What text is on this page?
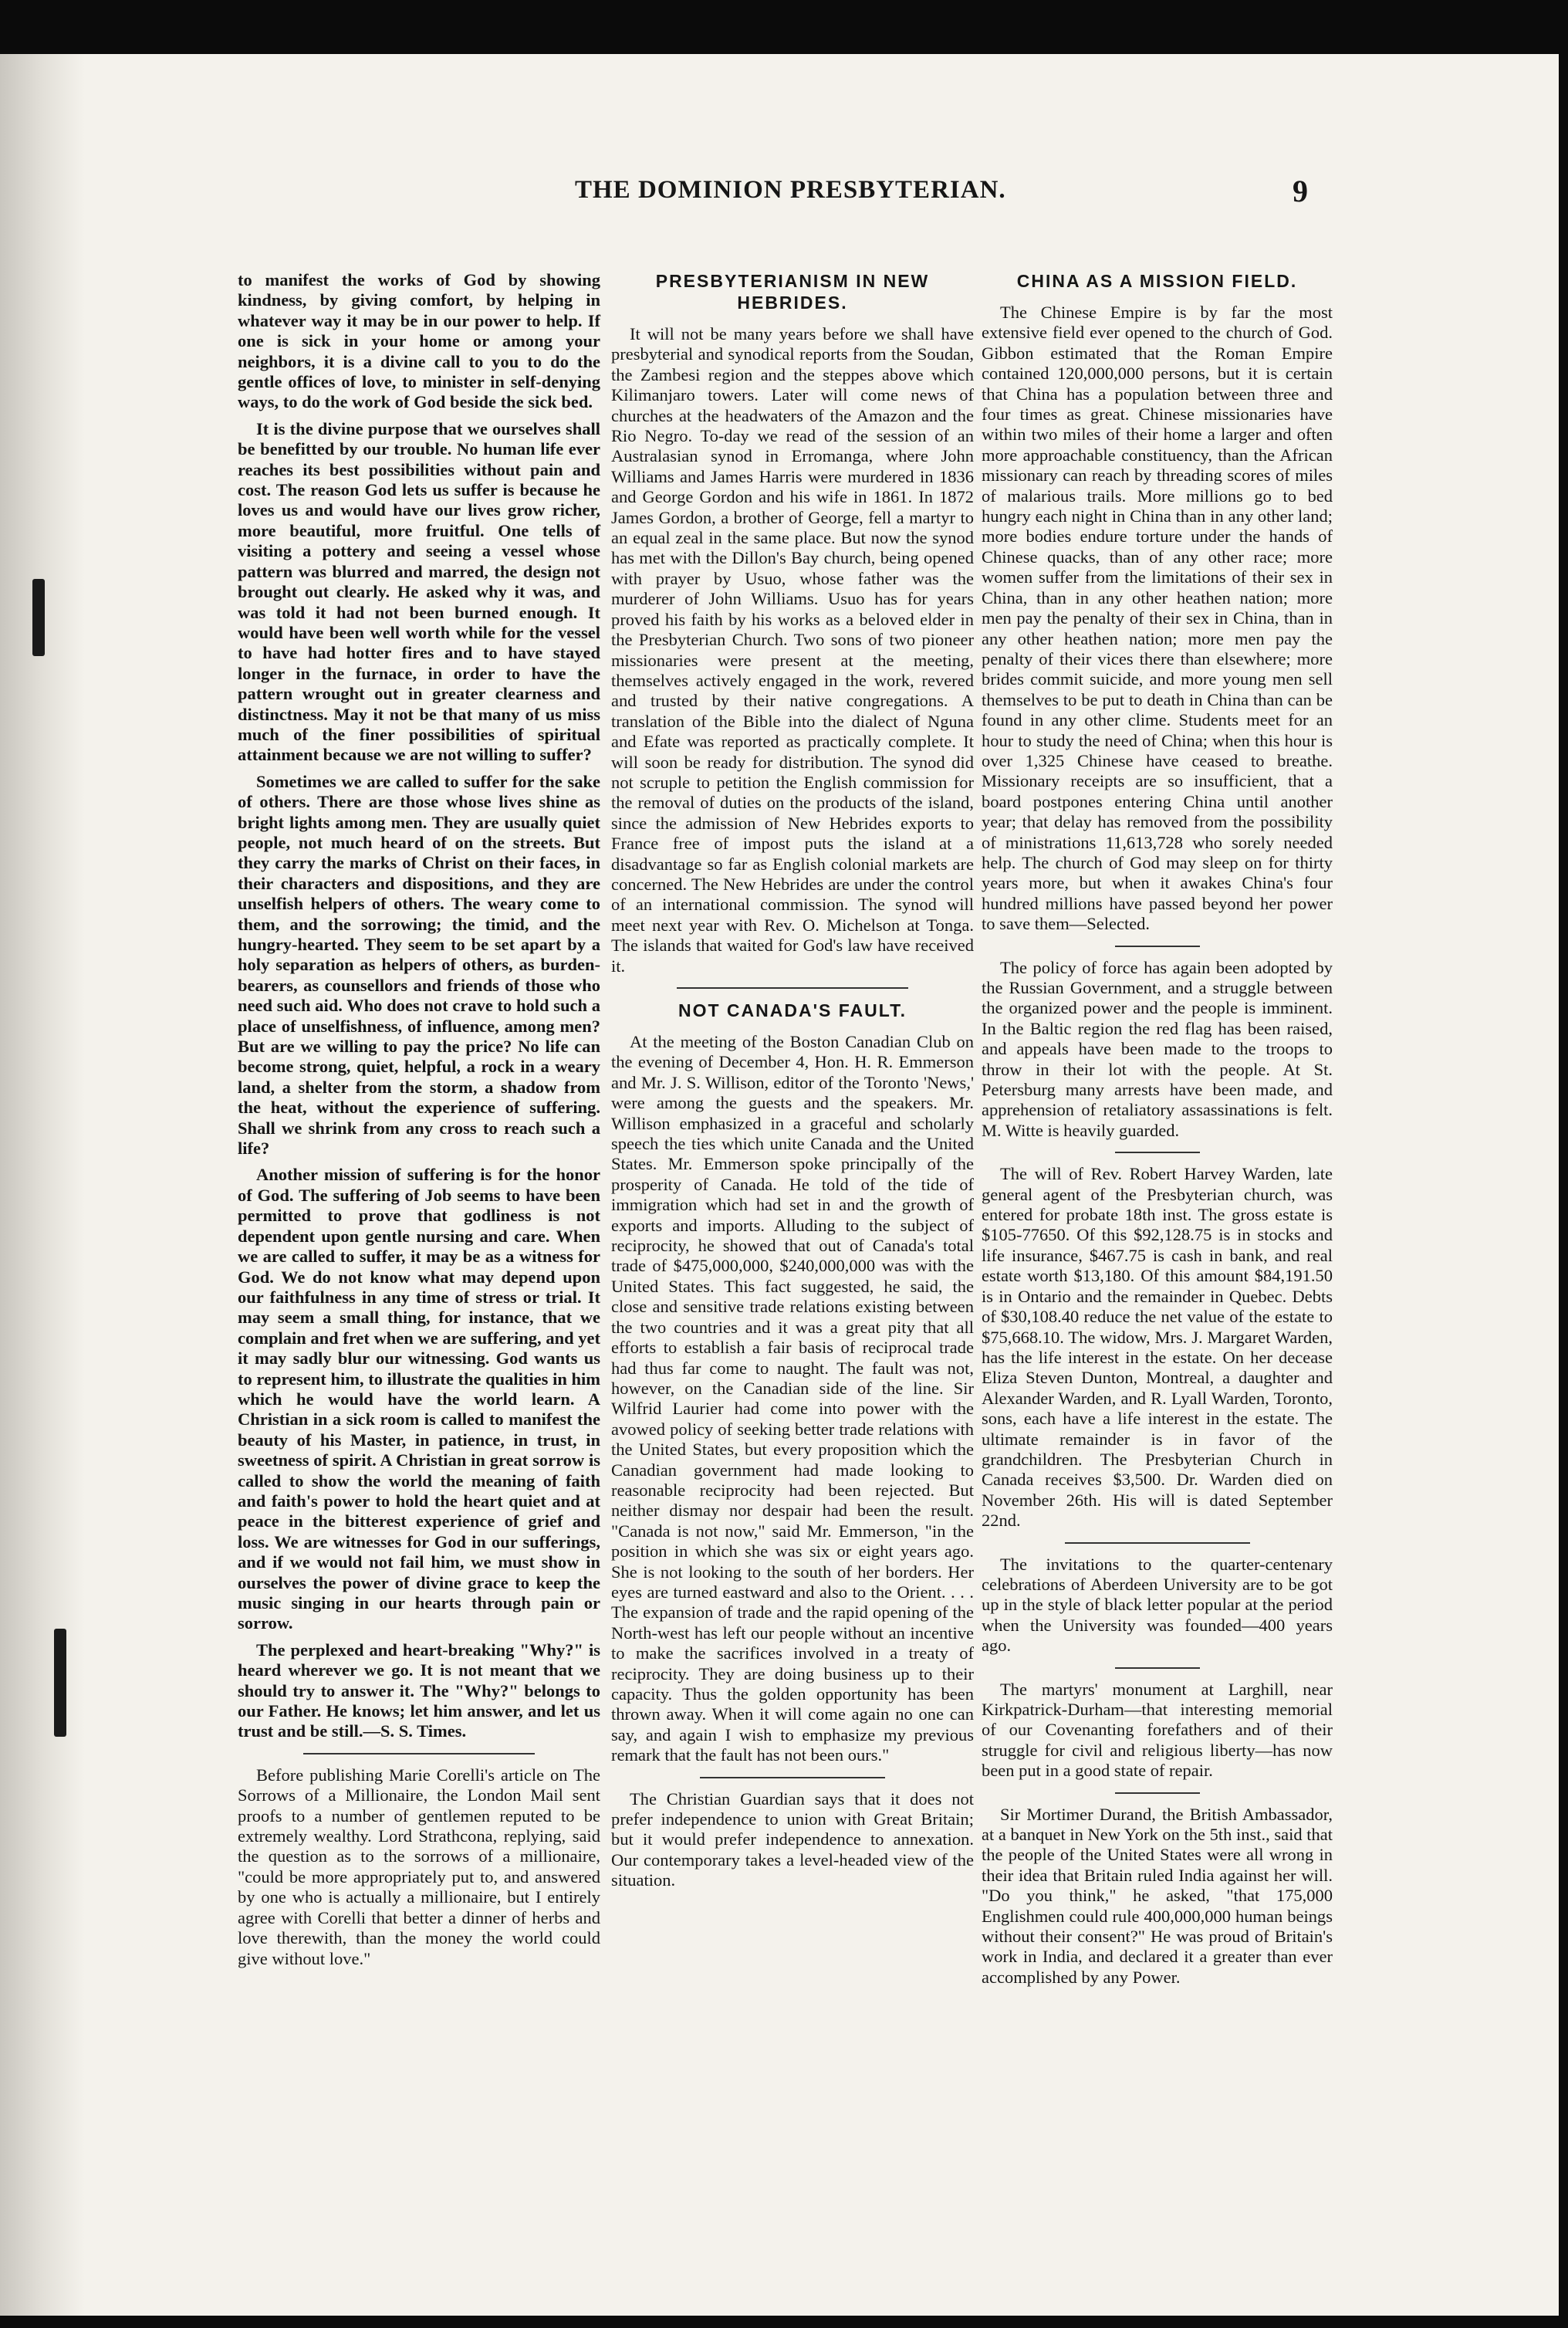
THE DOMINION PRESBYTERIAN.	9

to manifest the works of God by showing kindness, by giving comfort, by helping in whatever way it may be in our power to help. If one is sick in your home or among your neighbors, it is a divine call to you to do the gentle offices of love, to minister in self-denying ways, to do the work of God beside the sick bed.

It is the divine purpose that we ourselves shall be benefitted by our trouble. No human life ever reaches its best possibilities without pain and cost. The reason God lets us suffer is because he loves us and would have our lives grow richer, more beautiful, more fruitful. One tells of visiting a pottery and seeing a vessel whose pattern was blurred and marred, the design not brought out clearly. He asked why it was, and was told it had not been burned enough. It would have been well worth while for the vessel to have had hotter fires and to have stayed longer in the furnace, in order to have the pattern wrought out in greater clearness and distinctness. May it not be that many of us miss much of the finer possibilities of spiritual attainment because we are not willing to suffer?

Sometimes we are called to suffer for the sake of others. There are those whose lives shine as bright lights among men. They are usually quiet people, not much heard of on the streets. But they carry the marks of Christ on their faces, in their characters and dispositions, and they are unselfish helpers of others. The weary come to them, and the sorrowing; the timid, and the hungry-hearted. They seem to be set apart by a holy separation as helpers of others, as burden-bearers, as counsellors and friends of those who need such aid. Who does not crave to hold such a place of unselfishness, of influence, among men? But are we willing to pay the price? No life can become strong, quiet, helpful, a rock in a weary land, a shelter from the storm, a shadow from the heat, without the experience of suffering. Shall we shrink from any cross to reach such a life?

Another mission of suffering is for the honor of God. The suffering of Job seems to have been permitted to prove that godliness is not dependent upon gentle nursing and care. When we are called to suffer, it may be as a witness for God. We do not know what may depend upon our faithfulness in any time of stress or trial. It may seem a small thing, for instance, that we complain and fret when we are suffering, and yet it may sadly blur our witnessing. God wants us to represent him, to illustrate the qualities in him which he would have the world learn. A Christian in a sick room is called to manifest the beauty of his Master, in patience, in trust, in sweetness of spirit. A Christian in great sorrow is called to show the world the meaning of faith and faith's power to hold the heart quiet and at peace in the bitterest experience of grief and loss. We are witnesses for God in our sufferings, and if we would not fail him, we must show in ourselves the power of divine grace to keep the music singing in our hearts through pain or sorrow.

The perplexed and heart-breaking "Why?" is heard wherever we go. It is not meant that we should try to answer it. The "Why?" belongs to our Father. He knows; let him answer, and let us trust and be still.—S. S. Times.

Before publishing Marie Corelli's article on The Sorrows of a Millionaire, the London Mail sent proofs to a number of gentlemen reputed to be extremely wealthy. Lord Strathcona, replying, said the question as to the sorrows of a millionaire, "could be more appropriately put to, and answered by one who is actually a millionaire, but I entirely agree with Corelli that better a dinner of herbs and love therewith, than the money the world could give without love."

PRESBYTERIANISM IN NEW HEBRIDES.

It will not be many years before we shall have presbyterial and synodical reports from the Soudan, the Zambesi region and the steppes above which Kilimanjaro towers. Later will come news of churches at the headwaters of the Amazon and the Rio Negro. To-day we read of the session of an Australasian synod in Erromanga, where John Williams and James Harris were murdered in 1836 and George Gordon and his wife in 1861. In 1872 James Gordon, a brother of George, fell a martyr to an equal zeal in the same place. But now the synod has met with the Dillon's Bay church, being opened with prayer by Usuo, whose father was the murderer of John Williams. Usuo has for years proved his faith by his works as a beloved elder in the Presbyterian Church. Two sons of two pioneer missionaries were present at the meeting, themselves actively engaged in the work, revered and trusted by their native congregations. A translation of the Bible into the dialect of Nguna and Efate was reported as practically complete. It will soon be ready for distribution. The synod did not scruple to petition the English commission for the removal of duties on the products of the island, since the admission of New Hebrides exports to France free of impost puts the island at a disadvantage so far as English colonial markets are concerned. The New Hebrides are under the control of an international commission. The synod will meet next year with Rev. O. Michelson at Tonga. The islands that waited for God's law have received it.

NOT CANADA'S FAULT.

At the meeting of the Boston Canadian Club on the evening of December 4, Hon. H. R. Emmerson and Mr. J. S. Willison, editor of the Toronto 'News,' were among the guests and the speakers. Mr. Willison emphasized in a graceful and scholarly speech the ties which unite Canada and the United States. Mr. Emmerson spoke principally of the prosperity of Canada. He told of the tide of immigration which had set in and the growth of exports and imports. Alluding to the subject of reciprocity, he showed that out of Canada's total trade of $475,000,000, $240,000,000 was with the United States. This fact suggested, he said, the close and sensitive trade relations existing between the two countries and it was a great pity that all efforts to establish a fair basis of reciprocal trade had thus far come to naught. The fault was not, however, on the Canadian side of the line. Sir Wilfrid Laurier had come into power with the avowed policy of seeking better trade relations with the United States, but every proposition which the Canadian government had made looking to reasonable reciprocity had been rejected. But neither dismay nor despair had been the result. "Canada is not now," said Mr. Emmerson, "in the position in which she was six or eight years ago. She is not looking to the south of her borders. Her eyes are turned eastward and also to the Orient. . . . The expansion of trade and the rapid opening of the North-west has left our people without an incentive to make the sacrifices involved in a treaty of reciprocity. They are doing business up to their capacity. Thus the golden opportunity has been thrown away. When it will come again no one can say, and again I wish to emphasize my previous remark that the fault has not been ours."

The Christian Guardian says that it does not prefer independence to union with Great Britain; but it would prefer independence to annexation. Our contemporary takes a level-headed view of the situation.

CHINA AS A MISSION FIELD.

The Chinese Empire is by far the most extensive field ever opened to the church of God. Gibbon estimated that the Roman Empire contained 120,000,000 persons, but it is certain that China has a population between three and four times as great. Chinese missionaries have within two miles of their home a larger and often more approachable constituency, than the African missionary can reach by threading scores of miles of malarious trails. More millions go to bed hungry each night in China than in any other land; more bodies endure torture under the hands of Chinese quacks, than of any other race; more women suffer from the limitations of their sex in China, than in any other heathen nation; more men pay the penalty of their sex in China, than in any other heathen nation; more men pay the penalty of their vices there than elsewhere; more brides commit suicide, and more young men sell themselves to be put to death in China than can be found in any other clime. Students meet for an hour to study the need of China; when this hour is over 1,325 Chinese have ceased to breathe. Missionary receipts are so insufficient, that a board postpones entering China until another year; that delay has removed from the possibility of ministrations 11,613,728 who sorely needed help. The church of God may sleep on for thirty years more, but when it awakes China's four hundred millions have passed beyond her power to save them—Selected.

The policy of force has again been adopted by the Russian Government, and a struggle between the organized power and the people is imminent. In the Baltic region the red flag has been raised, and appeals have been made to the troops to throw in their lot with the people. At St. Petersburg many arrests have been made, and apprehension of retaliatory assassinations is felt. M. Witte is heavily guarded.

The will of Rev. Robert Harvey Warden, late general agent of the Presbyterian church, was entered for probate 18th inst. The gross estate is $105-77650. Of this $92,128.75 is in stocks and life insurance, $467.75 is cash in bank, and real estate worth $13,180. Of this amount $84,191.50 is in Ontario and the remainder in Quebec. Debts of $30,108.40 reduce the net value of the estate to $75,668.10. The widow, Mrs. J. Margaret Warden, has the life interest in the estate. On her decease Eliza Steven Dunton, Montreal, a daughter and Alexander Warden, and R. Lyall Warden, Toronto, sons, each have a life interest in the estate. The ultimate remainder is in favor of the grandchildren. The Presbyterian Church in Canada receives $3,500. Dr. Warden died on November 26th. His will is dated September 22nd.

The invitations to the quarter-centenary celebrations of Aberdeen University are to be got up in the style of black letter popular at the period when the University was founded—400 years ago.

The martyrs' monument at Larghill, near Kirkpatrick-Durham—that interesting memorial of our Covenanting forefathers and of their struggle for civil and religious liberty—has now been put in a good state of repair.

Sir Mortimer Durand, the British Ambassador, at a banquet in New York on the 5th inst., said that the people of the United States were all wrong in their idea that Britain ruled India against her will. "Do you think," he asked, "that 175,000 Englishmen could rule 400,000,000 human beings without their consent?" He was proud of Britain's work in India, and declared it a greater than ever accomplished by any Power.
